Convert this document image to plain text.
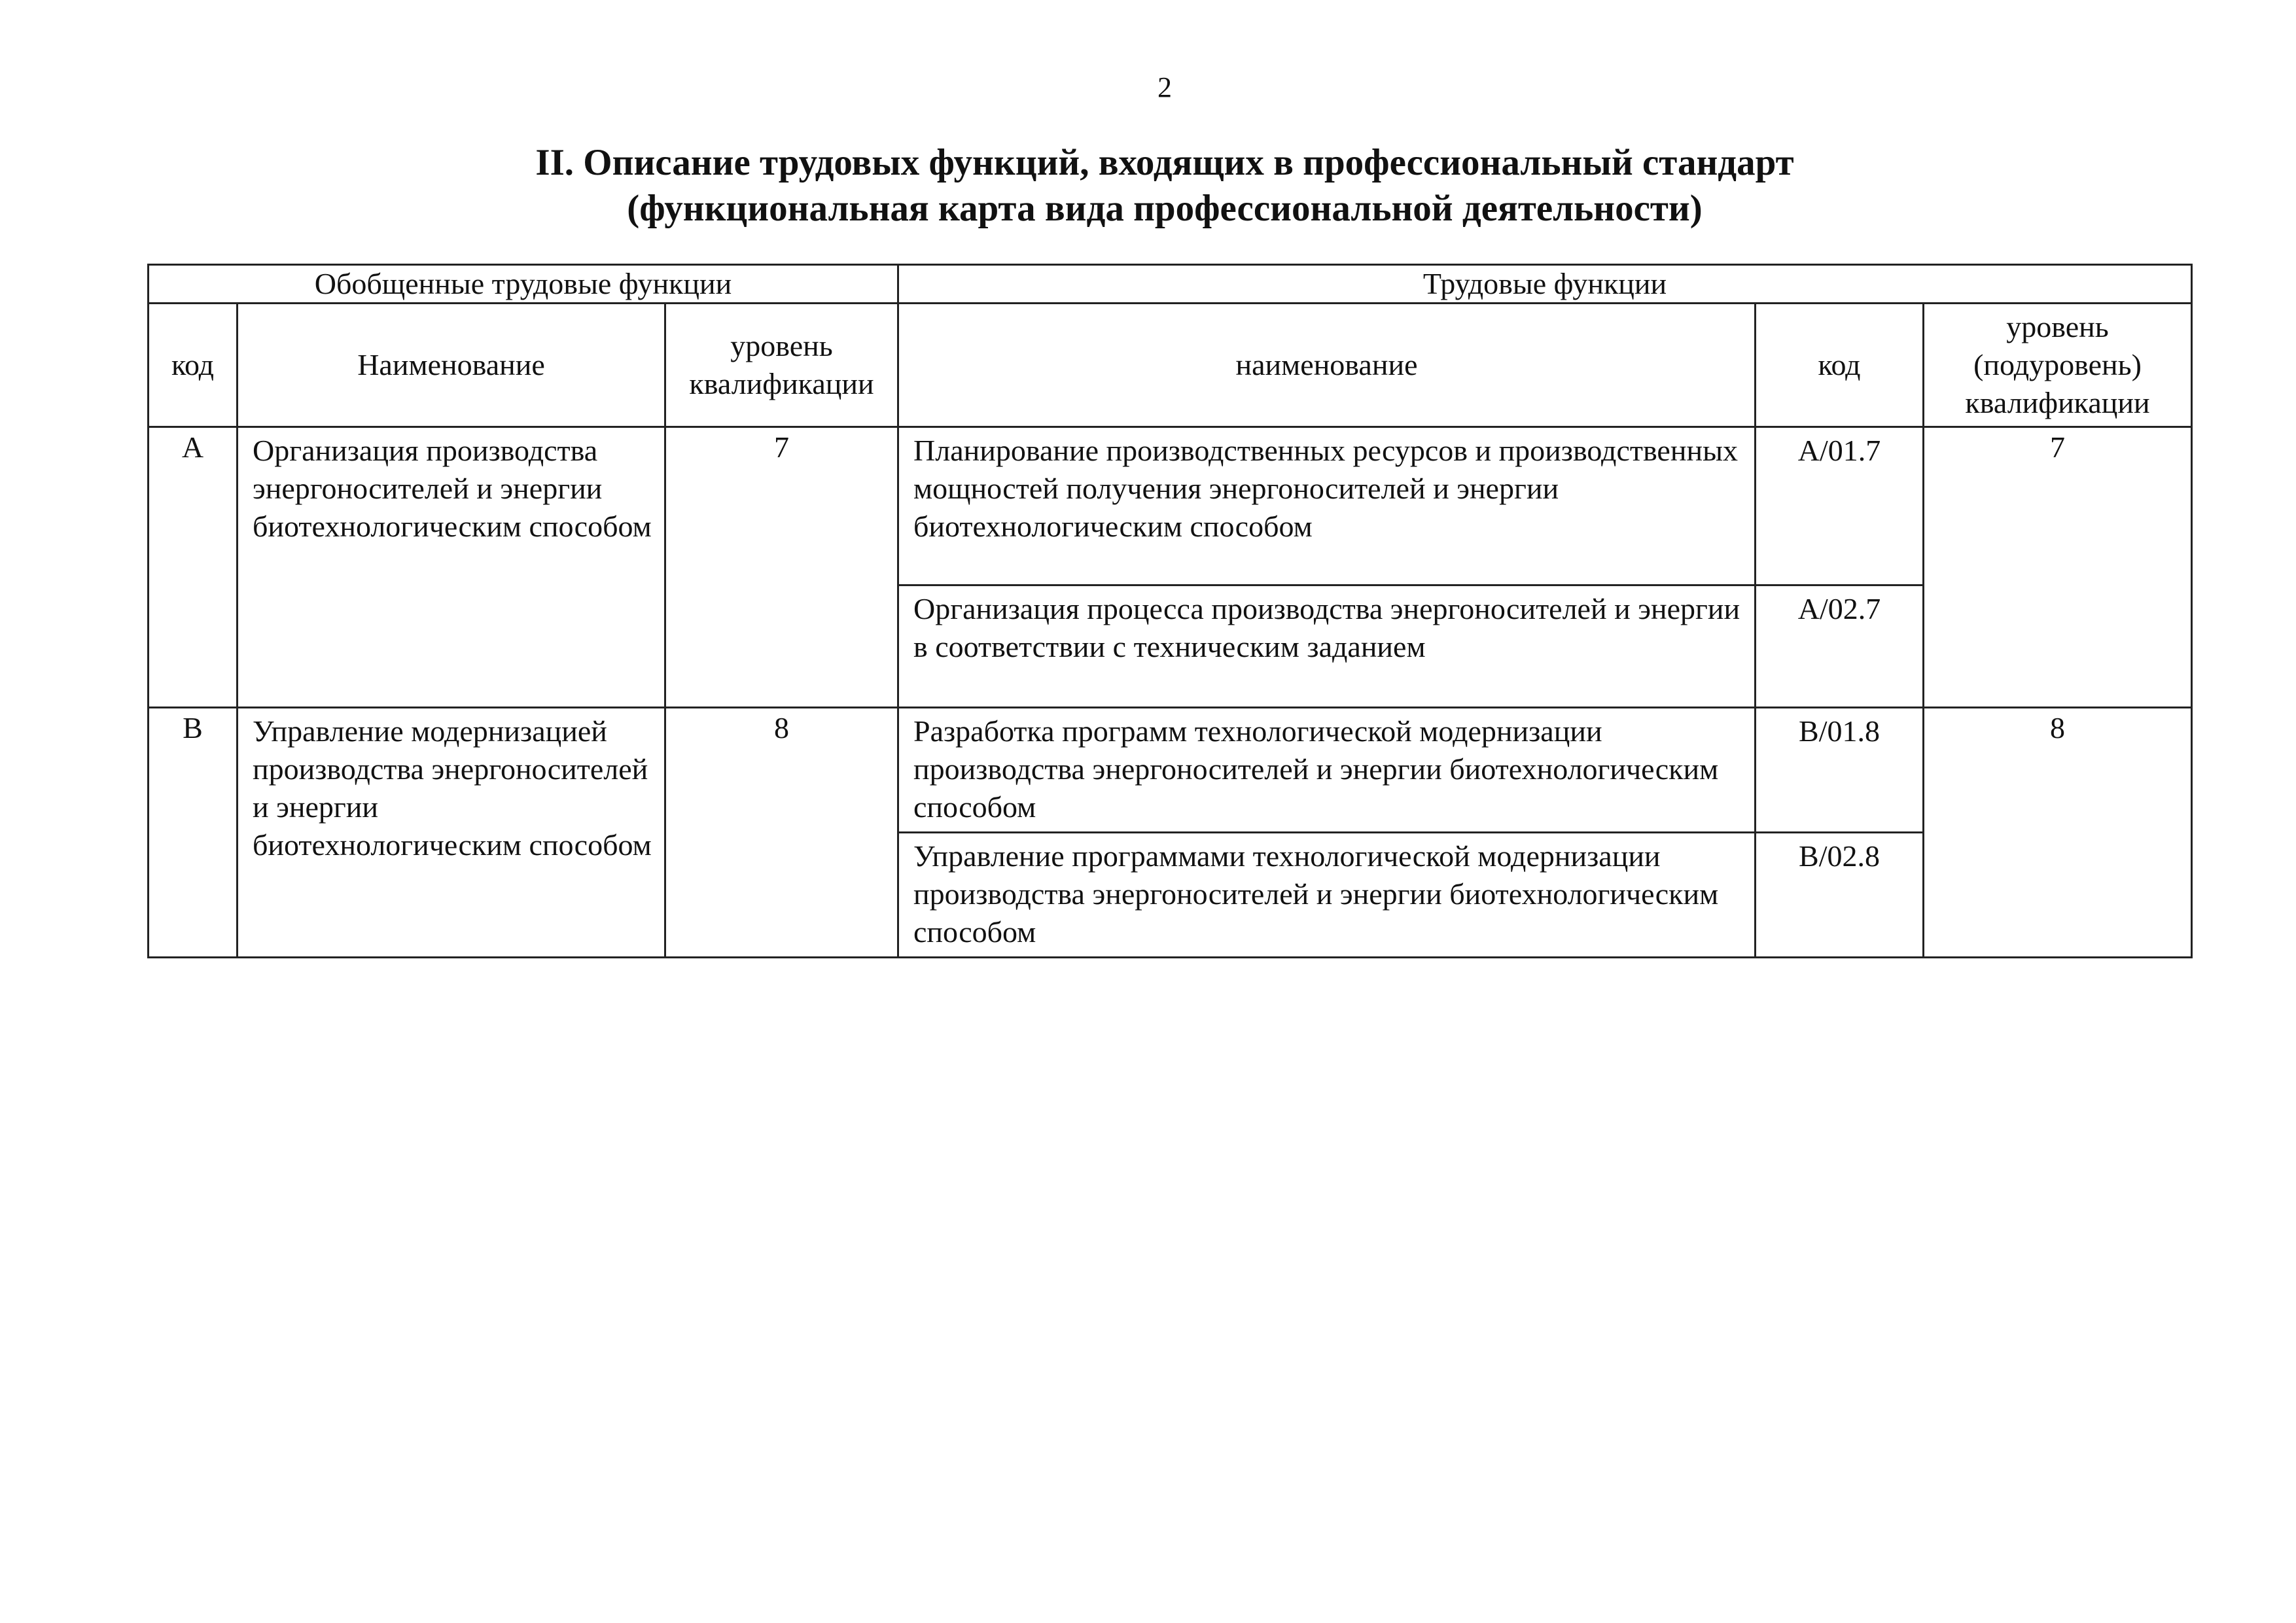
2
II. Описание трудовых функций, входящих в профессиональный стандарт
(функциональная карта вида профессиональной деятельности)
Обобщенные трудовые функции			Трудовые функции		
код	Наименование	уровень квалификации	наименование	код	уровень (подуровень) квалификации
A	Организация производства энергоносителей и энергии биотехнологическим способом	7	Планирование производственных ресурсов и производственных мощностей получения энергоносителей и энергии биотехнологическим способом	A/01.7	7
			Организация процесса производства энергоносителей и энергии в соответствии с техническим заданием	A/02.7	
B	Управление модернизацией производства энергоносителей и энергии биотехнологическим способом	8	Разработка программ технологической модернизации производства энергоносителей и энергии биотехнологическим способом	B/01.8	8
			Управление программами технологической модернизации производства энергоносителей и энергии биотехнологическим способом	B/02.8	
